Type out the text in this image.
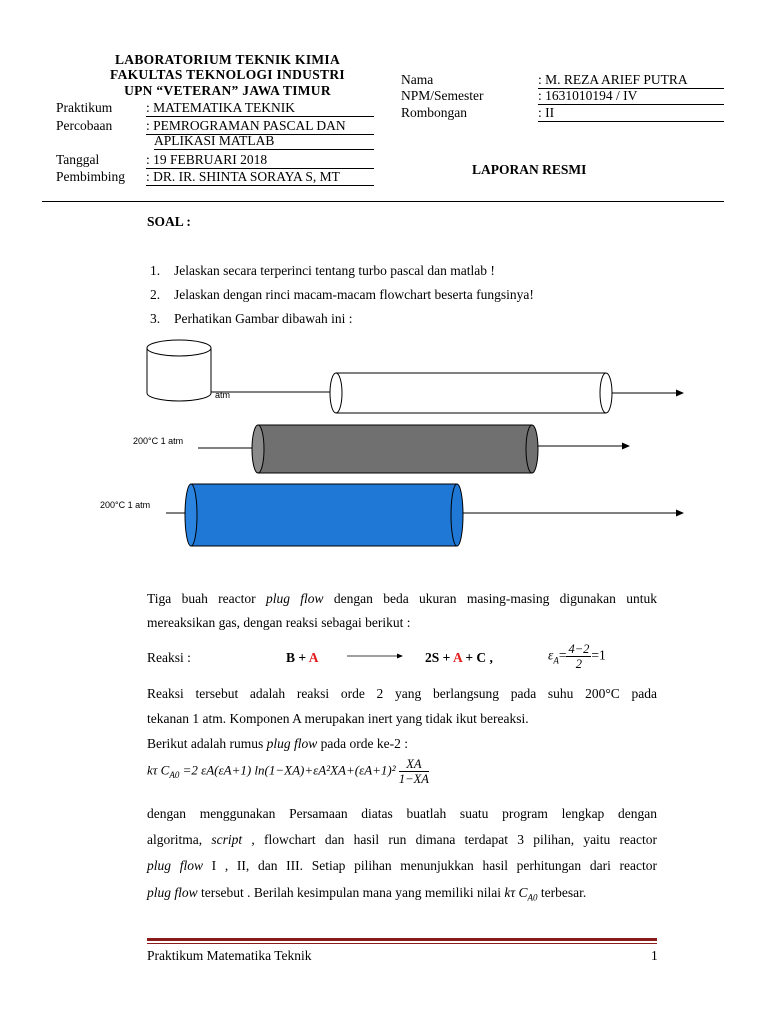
LABORATORIUM TEKNIK KIMIA
FAKULTAS TEKNOLOGI INDUSTRI
UPN “VETERAN” JAWA TIMUR
Praktikum	: MATEMATIKA TEKNIK
Percobaan	: PEMROGRAMAN PASCAL DAN
APLIKASI MATLAB
Tanggal	: 19 FEBRUARI 2018
Pembimbing : DR. IR. SHINTA SORAYA S, MT
Nama	: M. REZA ARIEF PUTRA
NPM/Semester	: 1631010194 / IV
Rombongan	: II
LAPORAN RESMI
SOAL :
1. Jelaskan secara terperinci tentang turbo pascal dan matlab !
2. Jelaskan dengan rinci macam-macam flowchart beserta fungsinya!
3. Perhatikan Gambar dibawah ini :
atm
200°C 1 atm
200°C 1 atm
Tiga buah reactor plug flow dengan beda ukuran masing-masing digunakan untuk
mereaksikan gas, dengan reaksi sebagai berikut :
Reaksi :	B + A → 2S + A + C ,	$\varepsilon_A= \frac{4-2}{2} =1$
Reaksi tersebut adalah reaksi orde 2 yang berlangsung pada suhu 200°C pada
tekanan 1 atm. Komponen A merupakan inert yang tidak ikut bereaksi.
Berikut adalah rumus plug flow pada orde ke-2 :
kτ $C_{A0} =2$ εA(εA+1) $\ln(1-XA)+\varepsilon A^2XA+(\varepsilon A+1)^2 \frac{XA}{1-XA}$
dengan menggunakan Persamaan diatas buatlah suatu program lengkap dengan
algoritma, script , flowchart dan hasil run dimana terdapat 3 pilihan, yaitu reactor
plug flow I , II, dan III. Setiap pilihan menunjukkan hasil perhitungan dari reactor
plug flow tersebut . Berilah kesimpulan mana yang memiliki nilai kτ $C_{A0}$ terbesar.
Praktikum Matematika Teknik	1
